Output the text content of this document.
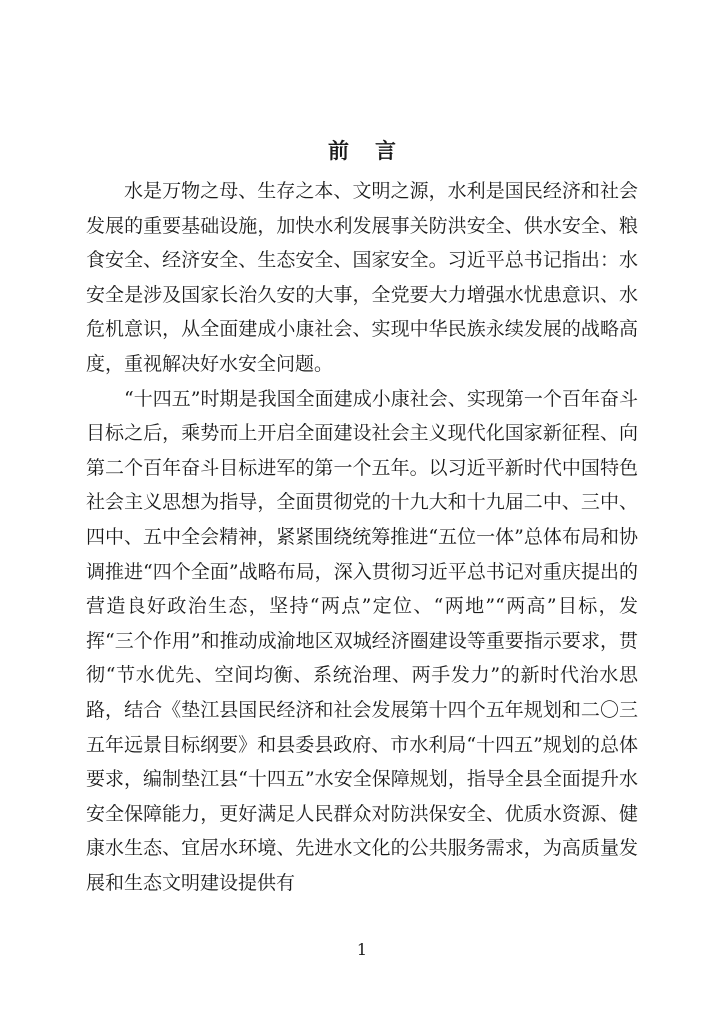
前言

水是万物之母、生存之本、文明之源，水利是国民经济和社会发展的重要基础设施，加快水利发展事关防洪安全、供水安全、粮食安全、经济安全、生态安全、国家安全。习近平总书记指出：水安全是涉及国家长治久安的大事，全党要大力增强水忧患意识、水危机意识，从全面建成小康社会、实现中华民族永续发展的战略高度，重视解决好水安全问题。

“十四五”时期是我国全面建成小康社会、实现第一个百年奋斗目标之后，乘势而上开启全面建设社会主义现代化国家新征程、向第二个百年奋斗目标进军的第一个五年。以习近平新时代中国特色社会主义思想为指导，全面贯彻党的十九大和十九届二中、三中、四中、五中全会精神，紧紧围绕统筹推进“五位一体”总体布局和协调推进“四个全面”战略布局，深入贯彻习近平总书记对重庆提出的营造良好政治生态，坚持“两点”定位、“两地”“两高”目标，发挥“三个作用”和推动成渝地区双城经济圈建设等重要指示要求，贯彻“节水优先、空间均衡、系统治理、两手发力”的新时代治水思路，结合《垫江县国民经济和社会发展第十四个五年规划和二〇三五年远景目标纲要》和县委县政府、市水利局“十四五”规划的总体要求，编制垫江县“十四五”水安全保障规划，指导全县全面提升水安全保障能力，更好满足人民群众对防洪保安全、优质水资源、健康水生态、宜居水环境、先进水文化的公共服务需求，为高质量发展和生态文明建设提供有

1
